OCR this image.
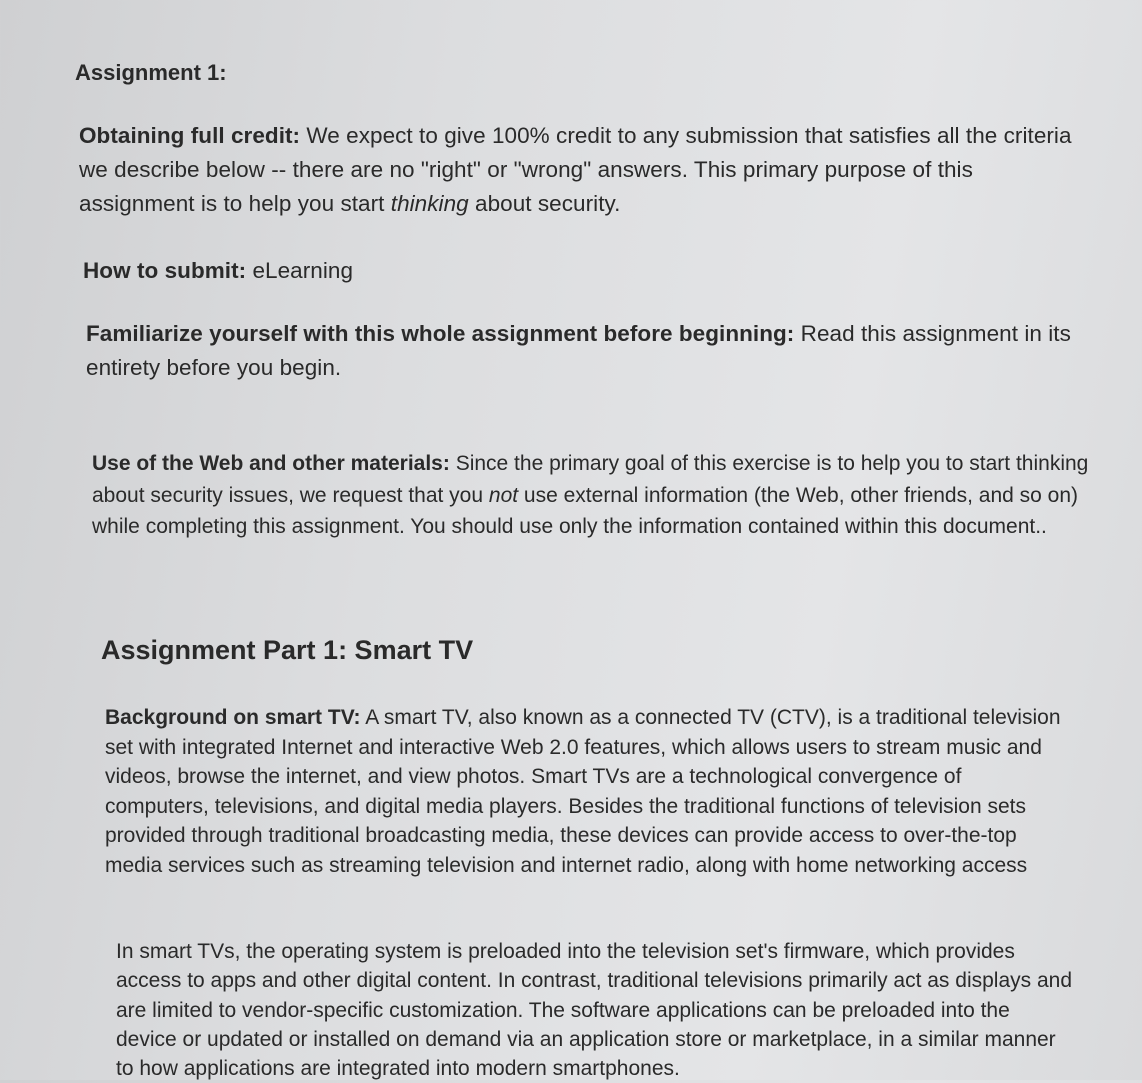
Assignment 1:
Obtaining full credit: We expect to give 100% credit to any submission that satisfies all the criteria we describe below -- there are no "right" or "wrong" answers. This primary purpose of this assignment is to help you start thinking about security.
How to submit: eLearning
Familiarize yourself with this whole assignment before beginning: Read this assignment in its entirety before you begin.
Use of the Web and other materials: Since the primary goal of this exercise is to help you to start thinking about security issues, we request that you not use external information (the Web, other friends, and so on) while completing this assignment. You should use only the information contained within this document..
Assignment Part 1: Smart TV
Background on smart TV: A smart TV, also known as a connected TV (CTV), is a traditional television set with integrated Internet and interactive Web 2.0 features, which allows users to stream music and videos, browse the internet, and view photos. Smart TVs are a technological convergence of computers, televisions, and digital media players. Besides the traditional functions of television sets provided through traditional broadcasting media, these devices can provide access to over-the-top media services such as streaming television and internet radio, along with home networking access
In smart TVs, the operating system is preloaded into the television set's firmware, which provides access to apps and other digital content. In contrast, traditional televisions primarily act as displays and are limited to vendor-specific customization. The software applications can be preloaded into the device or updated or installed on demand via an application store or marketplace, in a similar manner to how applications are integrated into modern smartphones.
